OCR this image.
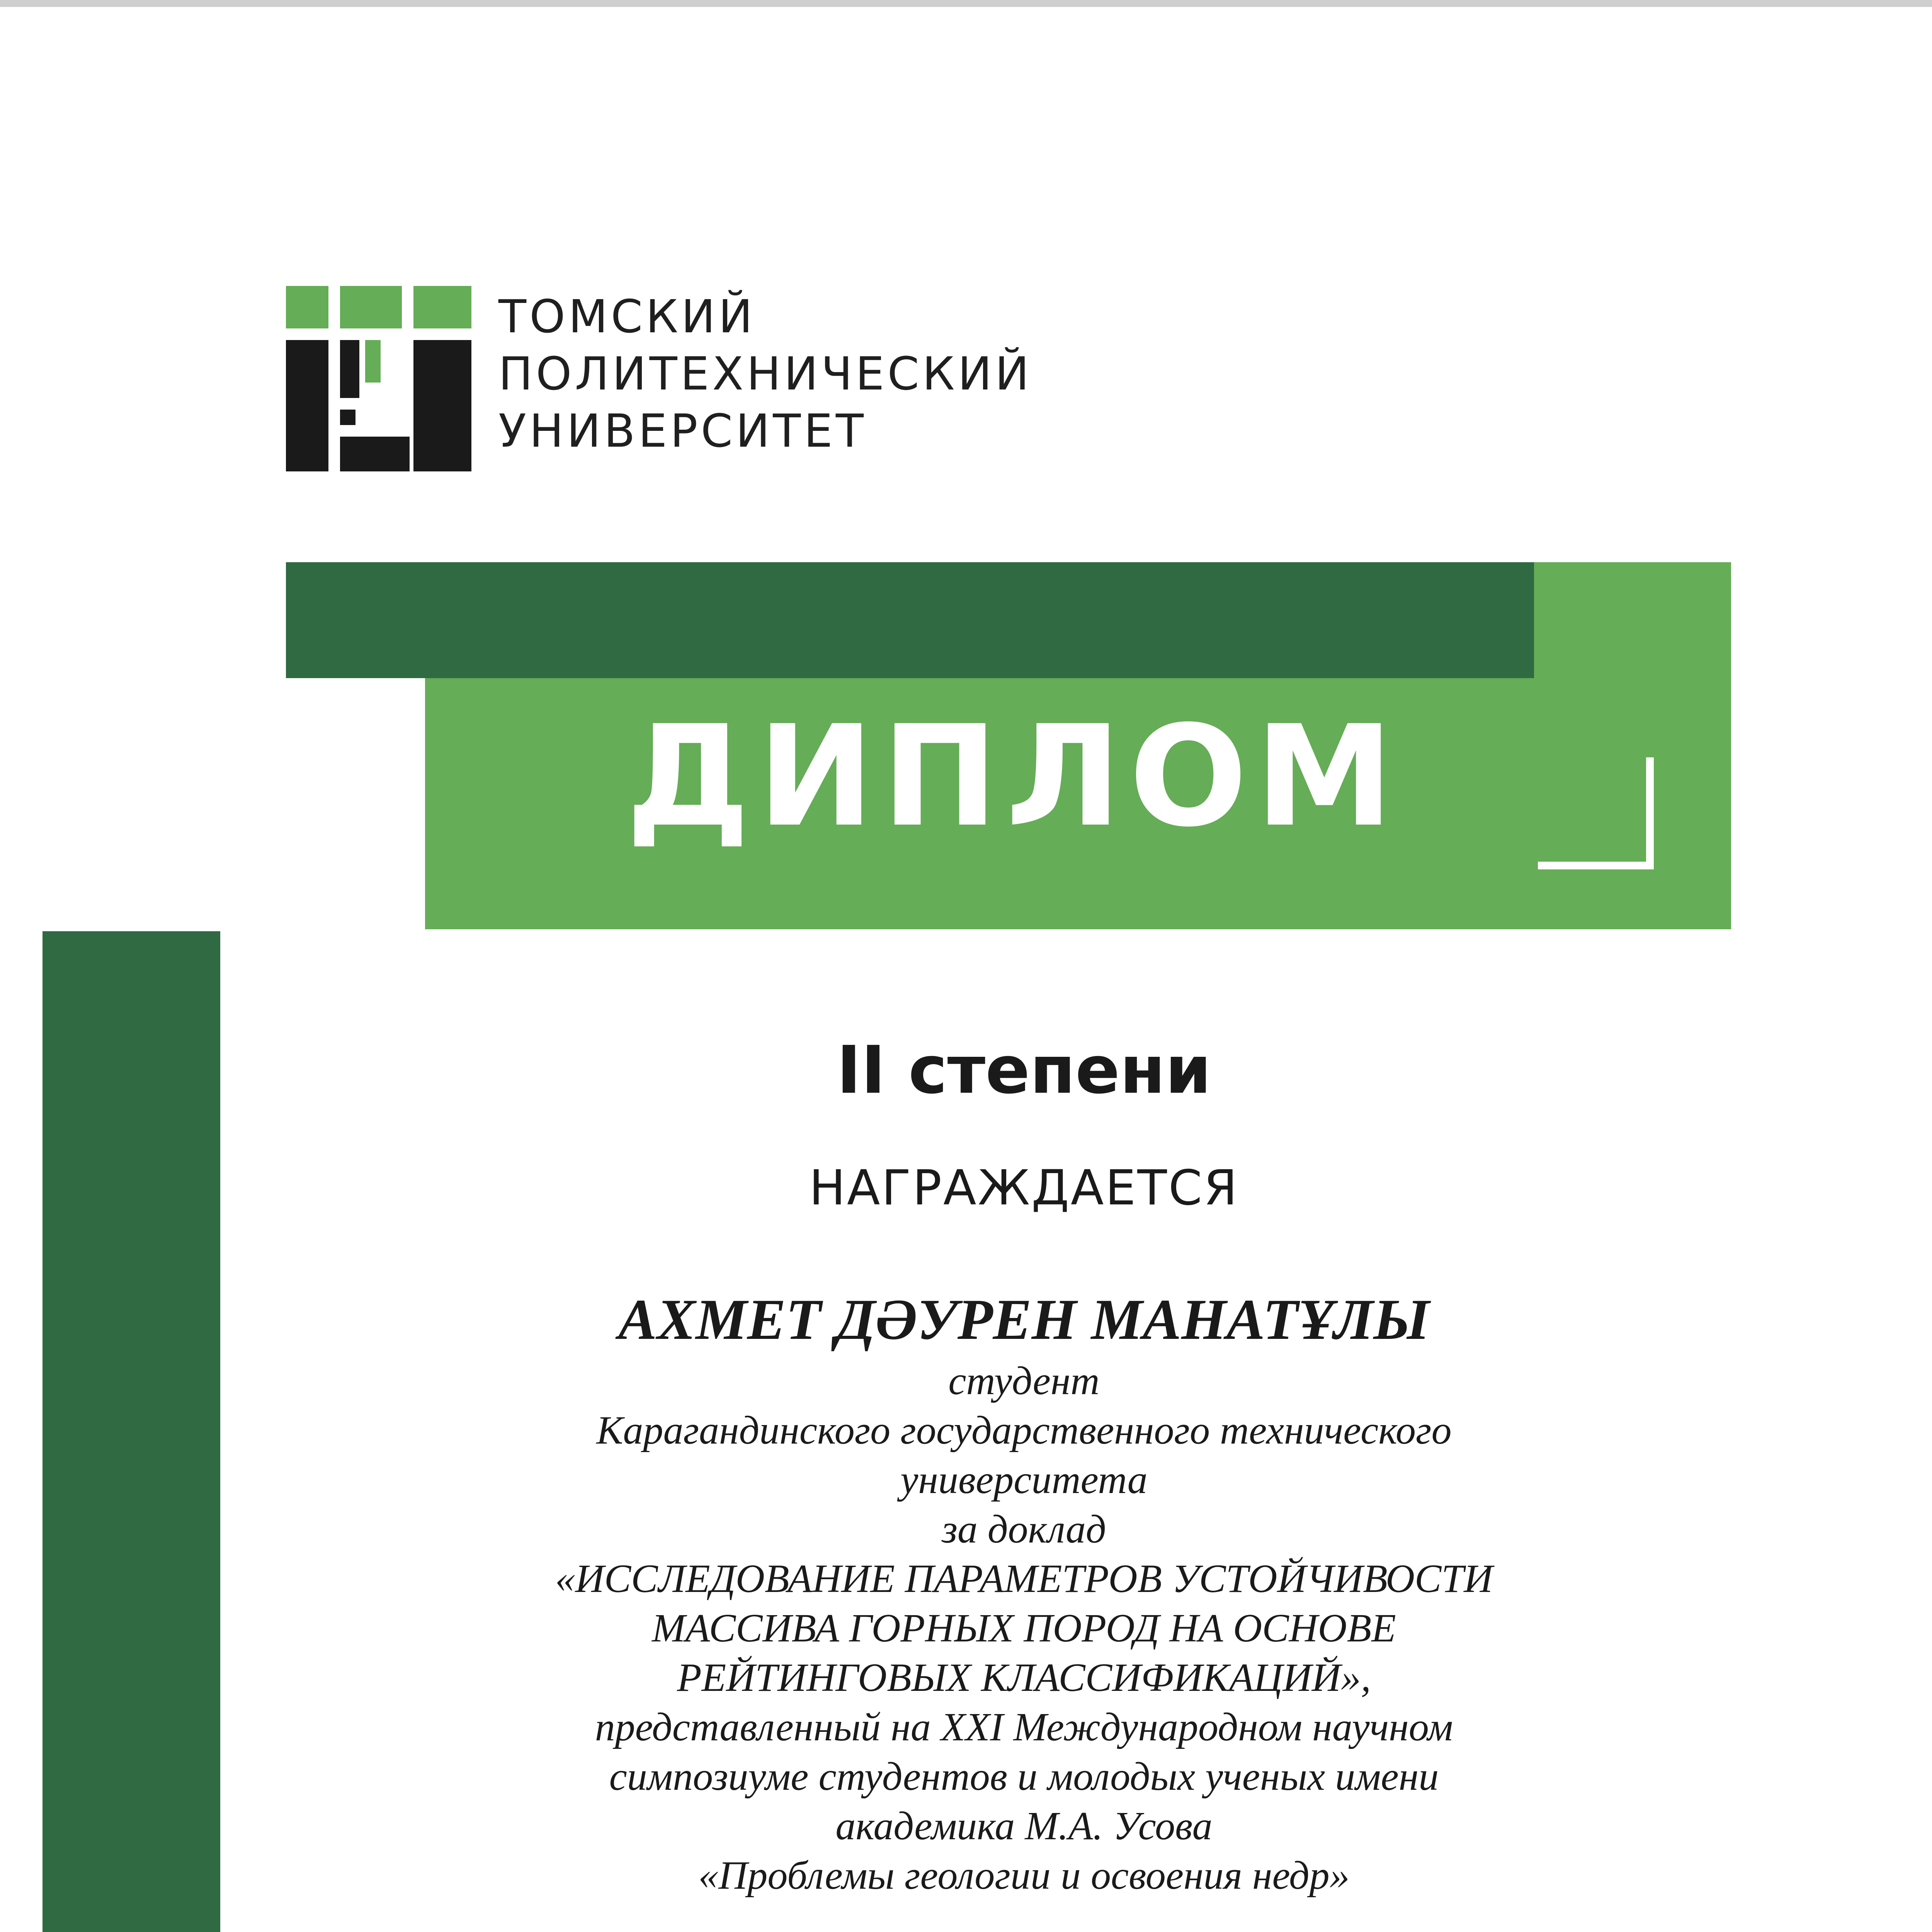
ТОМСКИЙ
ПОЛИТЕХНИЧЕСКИЙ
УНИВЕРСИТЕТ
ДИПЛОМ
II степени
НАГРАЖДАЕТСЯ
АХМЕТ ДӘУРЕН МАНАТҰЛЫ
студент
Карагандинского государственного технического
университета
за доклад
«ИССЛЕДОВАНИЕ ПАРАМЕТРОВ УСТОЙЧИВОСТИ
МАССИВА ГОРНЫХ ПОРОД НА ОСНОВЕ
РЕЙТИНГОВЫХ КЛАССИФИКАЦИЙ»,
представленный на XXI Международном научном
симпозиуме студентов и молодых ученых имени
академика М.А. Усова
«Проблемы геологии и освоения недр»
